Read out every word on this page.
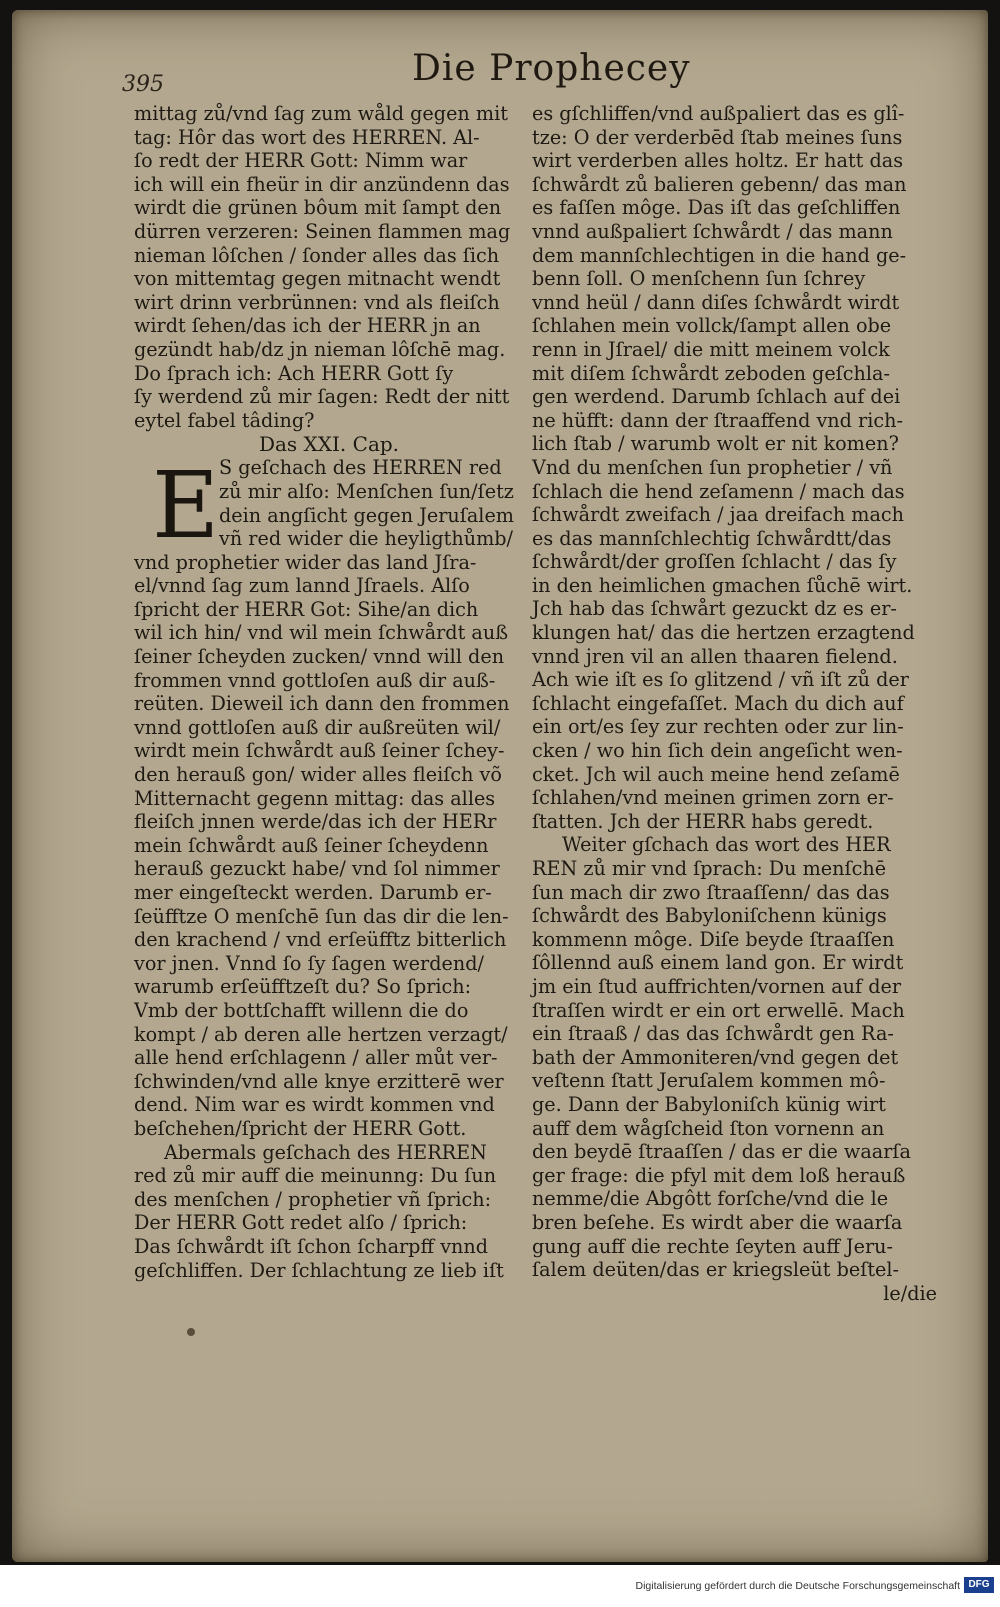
395	Die Prophecey
mittag zů/vnd ſag zum wåld gegen mit
tag: Hôr das wort des HERREN. Al-
ſo redt der HERR Gott: Nimm war
ich will ein fheür in dir anzündenn das
wirdt die grünen bôum mit ſampt den
dürren verzeren: Seinen flammen mag
nieman lôſchen / ſonder alles das ſich
von mittemtag gegen mitnacht wendt
wirt drinn verbrünnen: vnd als fleiſch
wirdt ſehen/das ich der HERR jn an
gezündt hab/dz jn nieman lôſchē mag.
Do ſprach ich: Ach HERR Gott ſy
ſy werdend zů mir ſagen: Redt der nitt
eytel fabel tâding?
Das XXI. Cap.
E S geſchach des HERREN red
zů mir alſo: Menſchen ſun/ſetz
dein angſicht gegen Jeruſalem
vñ red wider die heyligthůmb/
vnd prophetier wider das land Jſra-
el/vnnd ſag zum lannd Jſraels. Alſo
ſpricht der HERR Got: Sihe/an dich
wil ich hin/ vnd wil mein ſchwårdt auß
ſeiner ſcheyden zucken/ vnnd will den
frommen vnnd gottloſen auß dir auß-
reüten. Dieweil ich dann den frommen
vnnd gottloſen auß dir außreüten wil/
wirdt mein ſchwårdt auß ſeiner ſchey-
den herauß gon/ wider alles fleiſch võ
Mitternacht gegenn mittag: das alles
fleiſch jnnen werde/das ich der HERr
mein ſchwårdt auß ſeiner ſcheydenn
herauß gezuckt habe/ vnd ſol nimmer
mer eingeſteckt werden. Darumb er-
ſeüfftze O menſchē ſun das dir die len-
den krachend / vnd erſeüfftz bitterlich
vor jnen. Vnnd ſo ſy ſagen werdend/
warumb erſeüfftzeſt du? So ſprich:
Vmb der bottſchafft willenn die do
kompt / ab deren alle hertzen verzagt/
alle hend erſchlagenn / aller můt ver-
ſchwinden/vnd alle knye erzitterē wer
dend. Nim war es wirdt kommen vnd
beſchehen/ſpricht der HERR Gott.
Abermals geſchach des HERREN
red zů mir auff die meinunng: Du ſun
des menſchen / prophetier vñ ſprich:
Der HERR Gott redet alſo / ſprich:
Das ſchwårdt iſt ſchon ſcharpff vnnd
geſchliffen. Der ſchlachtung ze lieb iſt
es gſchliffen/vnd außpaliert das es glî-
tze: O der verderbēd ſtab meines ſuns
wirt verderben alles holtz. Er hatt das
ſchwårdt zů balieren gebenn/ das man
es faſſen môge. Das iſt das geſchliffen
vnnd außpaliert ſchwårdt / das mann
dem mannſchlechtigen in die hand ge-
benn ſoll. O menſchenn ſun ſchrey
vnnd heül / dann diſes ſchwårdt wirdt
ſchlahen mein vollck/ſampt allen obe
renn in Jſrael/ die mitt meinem volck
mit diſem ſchwårdt zeboden geſchla-
gen werdend. Darumb ſchlach auf dei
ne hüfft: dann der ſtraaffend vnd rich-
lich ſtab / warumb wolt er nit komen?
Vnd du menſchen ſun prophetier / vñ
ſchlach die hend zeſamenn / mach das
ſchwårdt zweifach / jaa dreifach mach
es das mannſchlechtig ſchwårdtt/das
ſchwårdt/der groſſen ſchlacht / das ſy
in den heimlichen gmachen ſůchē wirt.
Jch hab das ſchwårt gezuckt dz es er-
klungen hat/ das die hertzen erzagtend
vnnd jren vil an allen thaaren fielend.
Ach wie iſt es ſo glitzend / vñ iſt zů der
ſchlacht eingefaſſet. Mach du dich auf
ein ort/es ſey zur rechten oder zur lin-
cken / wo hin ſich dein angeſicht wen-
cket. Jch wil auch meine hend zeſamē
ſchlahen/vnd meinen grimen zorn er-
ſtatten. Jch der HERR habs geredt.
Weiter gſchach das wort des HER
REN zů mir vnd ſprach: Du menſchē
ſun mach dir zwo ſtraaſſenn/ das das
ſchwårdt des Babyloniſchenn künigs
kommenn môge. Diſe beyde ſtraaſſen
ſôllennd auß einem land gon. Er wirdt
jm ein ſtud auffrichten/vornen auf der
ſtraſſen wirdt er ein ort erwellē. Mach
ein ſtraaß / das das ſchwårdt gen Ra-
bath der Ammoniteren/vnd gegen det
veſtenn ſtatt Jeruſalem kommen mô-
ge. Dann der Babyloniſch künig wirt
auff dem wågſcheid ſton vornenn an
den beydē ſtraaſſen / das er die waarſa
ger frage: die pfyl mit dem loß herauß
nemme/die Abgôtt forſche/vnd die le
bren beſehe. Es wirdt aber die waarſa
gung auff die rechte ſeyten auff Jeru-
ſalem deüten/das er kriegsleüt beſtel-
le/die
Digitalisierung gefördert durch die Deutsche Forschungsgemeinschaft DFG
